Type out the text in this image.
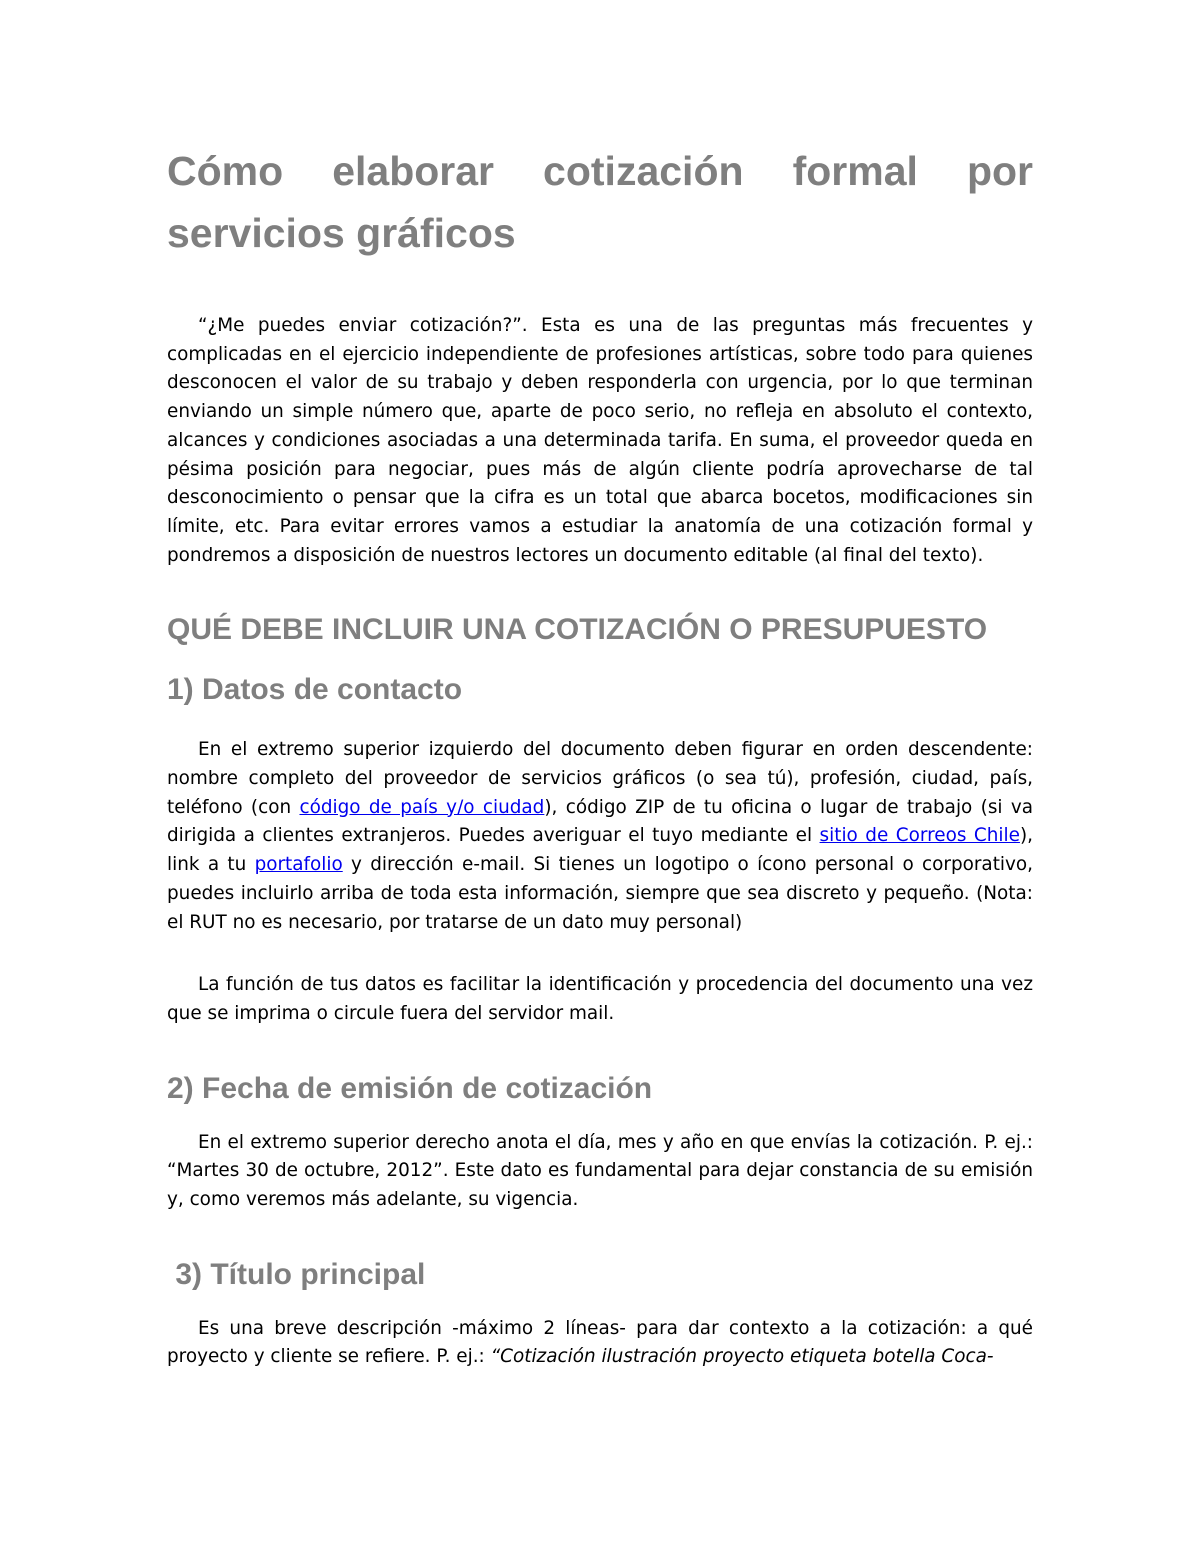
Cómo elaborar cotización formal por servicios gráficos

“¿Me puedes enviar cotización?”. Esta es una de las preguntas más frecuentes y complicadas en el ejercicio independiente de profesiones artísticas, sobre todo para quienes desconocen el valor de su trabajo y deben responderla con urgencia, por lo que terminan enviando un simple número que, aparte de poco serio, no refleja en absoluto el contexto, alcances y condiciones asociadas a una determinada tarifa. En suma, el proveedor queda en pésima posición para negociar, pues más de algún cliente podría aprovecharse de tal desconocimiento o pensar que la cifra es un total que abarca bocetos, modificaciones sin límite, etc. Para evitar errores vamos a estudiar la anatomía de una cotización formal y pondremos a disposición de nuestros lectores un documento editable (al final del texto).

QUÉ DEBE INCLUIR UNA COTIZACIÓN O PRESUPUESTO
1) Datos de contacto

En el extremo superior izquierdo del documento deben figurar en orden descendente: nombre completo del proveedor de servicios gráficos (o sea tú), profesión, ciudad, país, teléfono (con código de país y/o ciudad), código ZIP de tu oficina o lugar de trabajo (si va dirigida a clientes extranjeros. Puedes averiguar el tuyo mediante el sitio de Correos Chile), link a tu portafolio y dirección e-mail. Si tienes un logotipo o ícono personal o corporativo, puedes incluirlo arriba de toda esta información, siempre que sea discreto y pequeño. (Nota: el RUT no es necesario, por tratarse de un dato muy personal)

La función de tus datos es facilitar la identificación y procedencia del documento una vez que se imprima o circule fuera del servidor mail.

2) Fecha de emisión de cotización

En el extremo superior derecho anota el día, mes y año en que envías la cotización. P. ej.: “Martes 30 de octubre, 2012”. Este dato es fundamental para dejar constancia de su emisión y, como veremos más adelante, su vigencia.

3) Título principal

Es una breve descripción -máximo 2 líneas- para dar contexto a la cotización: a qué proyecto y cliente se refiere. P. ej.: “Cotización ilustración proyecto etiqueta botella Coca-
